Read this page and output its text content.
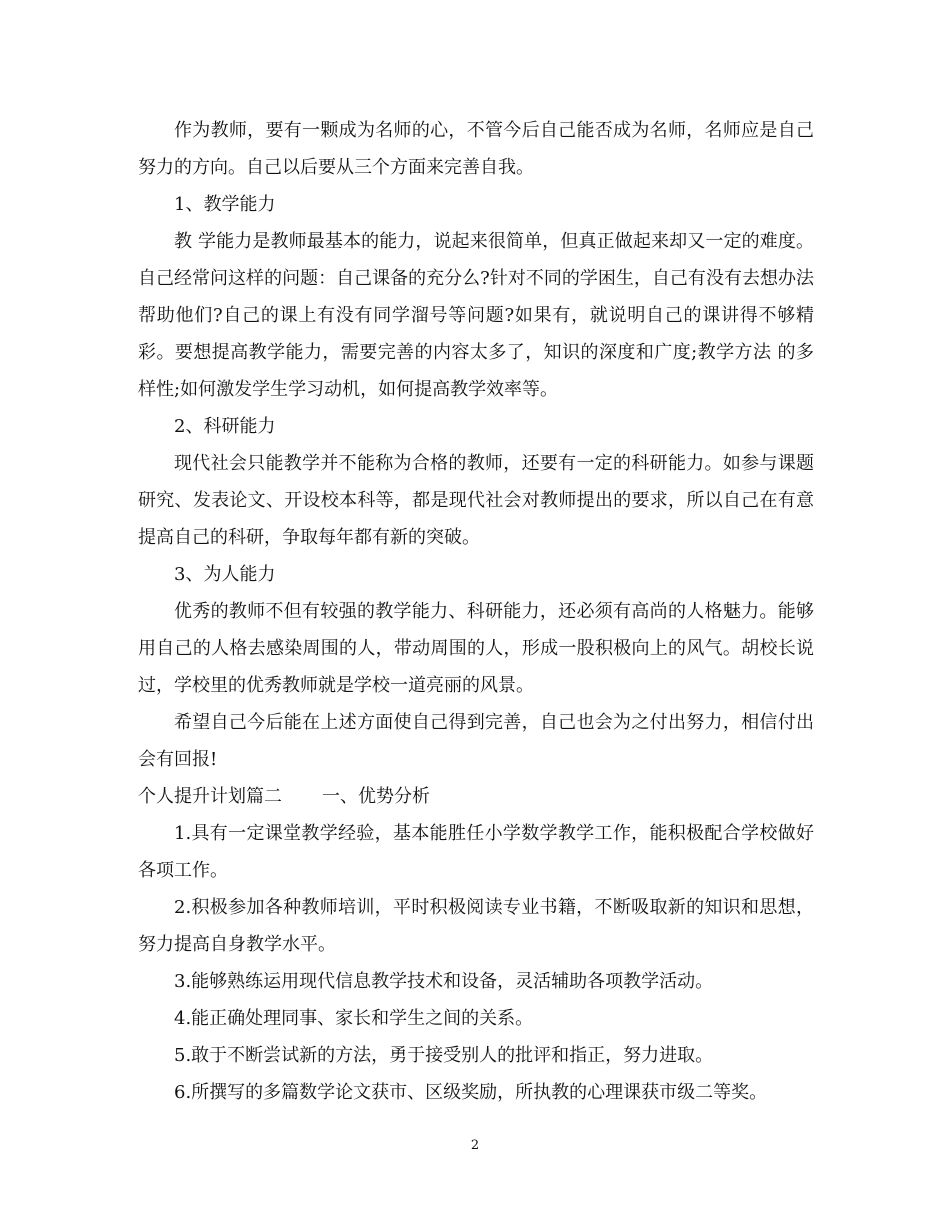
作为教师，要有一颗成为名师的心，不管今后自己能否成为名师，名师应是自己努力的方向。自己以后要从三个方面来完善自我。

1、教学能力

教 学能力是教师最基本的能力，说起来很简单，但真正做起来却又一定的难度。自己经常问这样的问题：自己课备的充分么?针对不同的学困生，自己有没有去想办法 帮助他们?自己的课上有没有同学溜号等问题?如果有，就说明自己的课讲得不够精彩。要想提高教学能力，需要完善的内容太多了，知识的深度和广度;教学方法 的多样性;如何激发学生学习动机，如何提高教学效率等。

2、科研能力

现代社会只能教学并不能称为合格的教师，还要有一定的科研能力。如参与课题研究、发表论文、开设校本科等，都是现代社会对教师提出的要求，所以自己在有意提高自己的科研，争取每年都有新的突破。

3、为人能力

优秀的教师不但有较强的教学能力、科研能力，还必须有高尚的人格魅力。能够用自己的人格去感染周围的人，带动周围的人，形成一股积极向上的风气。胡校长说过，学校里的优秀教师就是学校一道亮丽的风景。

希望自己今后能在上述方面使自己得到完善，自己也会为之付出努力，相信付出会有回报!

个人提升计划篇二       一、优势分析

1.具有一定课堂教学经验，基本能胜任小学数学教学工作，能积极配合学校做好各项工作。

2.积极参加各种教师培训，平时积极阅读专业书籍，不断吸取新的知识和思想，努力提高自身教学水平。

3.能够熟练运用现代信息教学技术和设备，灵活辅助各项教学活动。

4.能正确处理同事、家长和学生之间的关系。

5.敢于不断尝试新的方法，勇于接受别人的批评和指正，努力进取。

6.所撰写的多篇数学论文获市、区级奖励，所执教的心理课获市级二等奖。

2
